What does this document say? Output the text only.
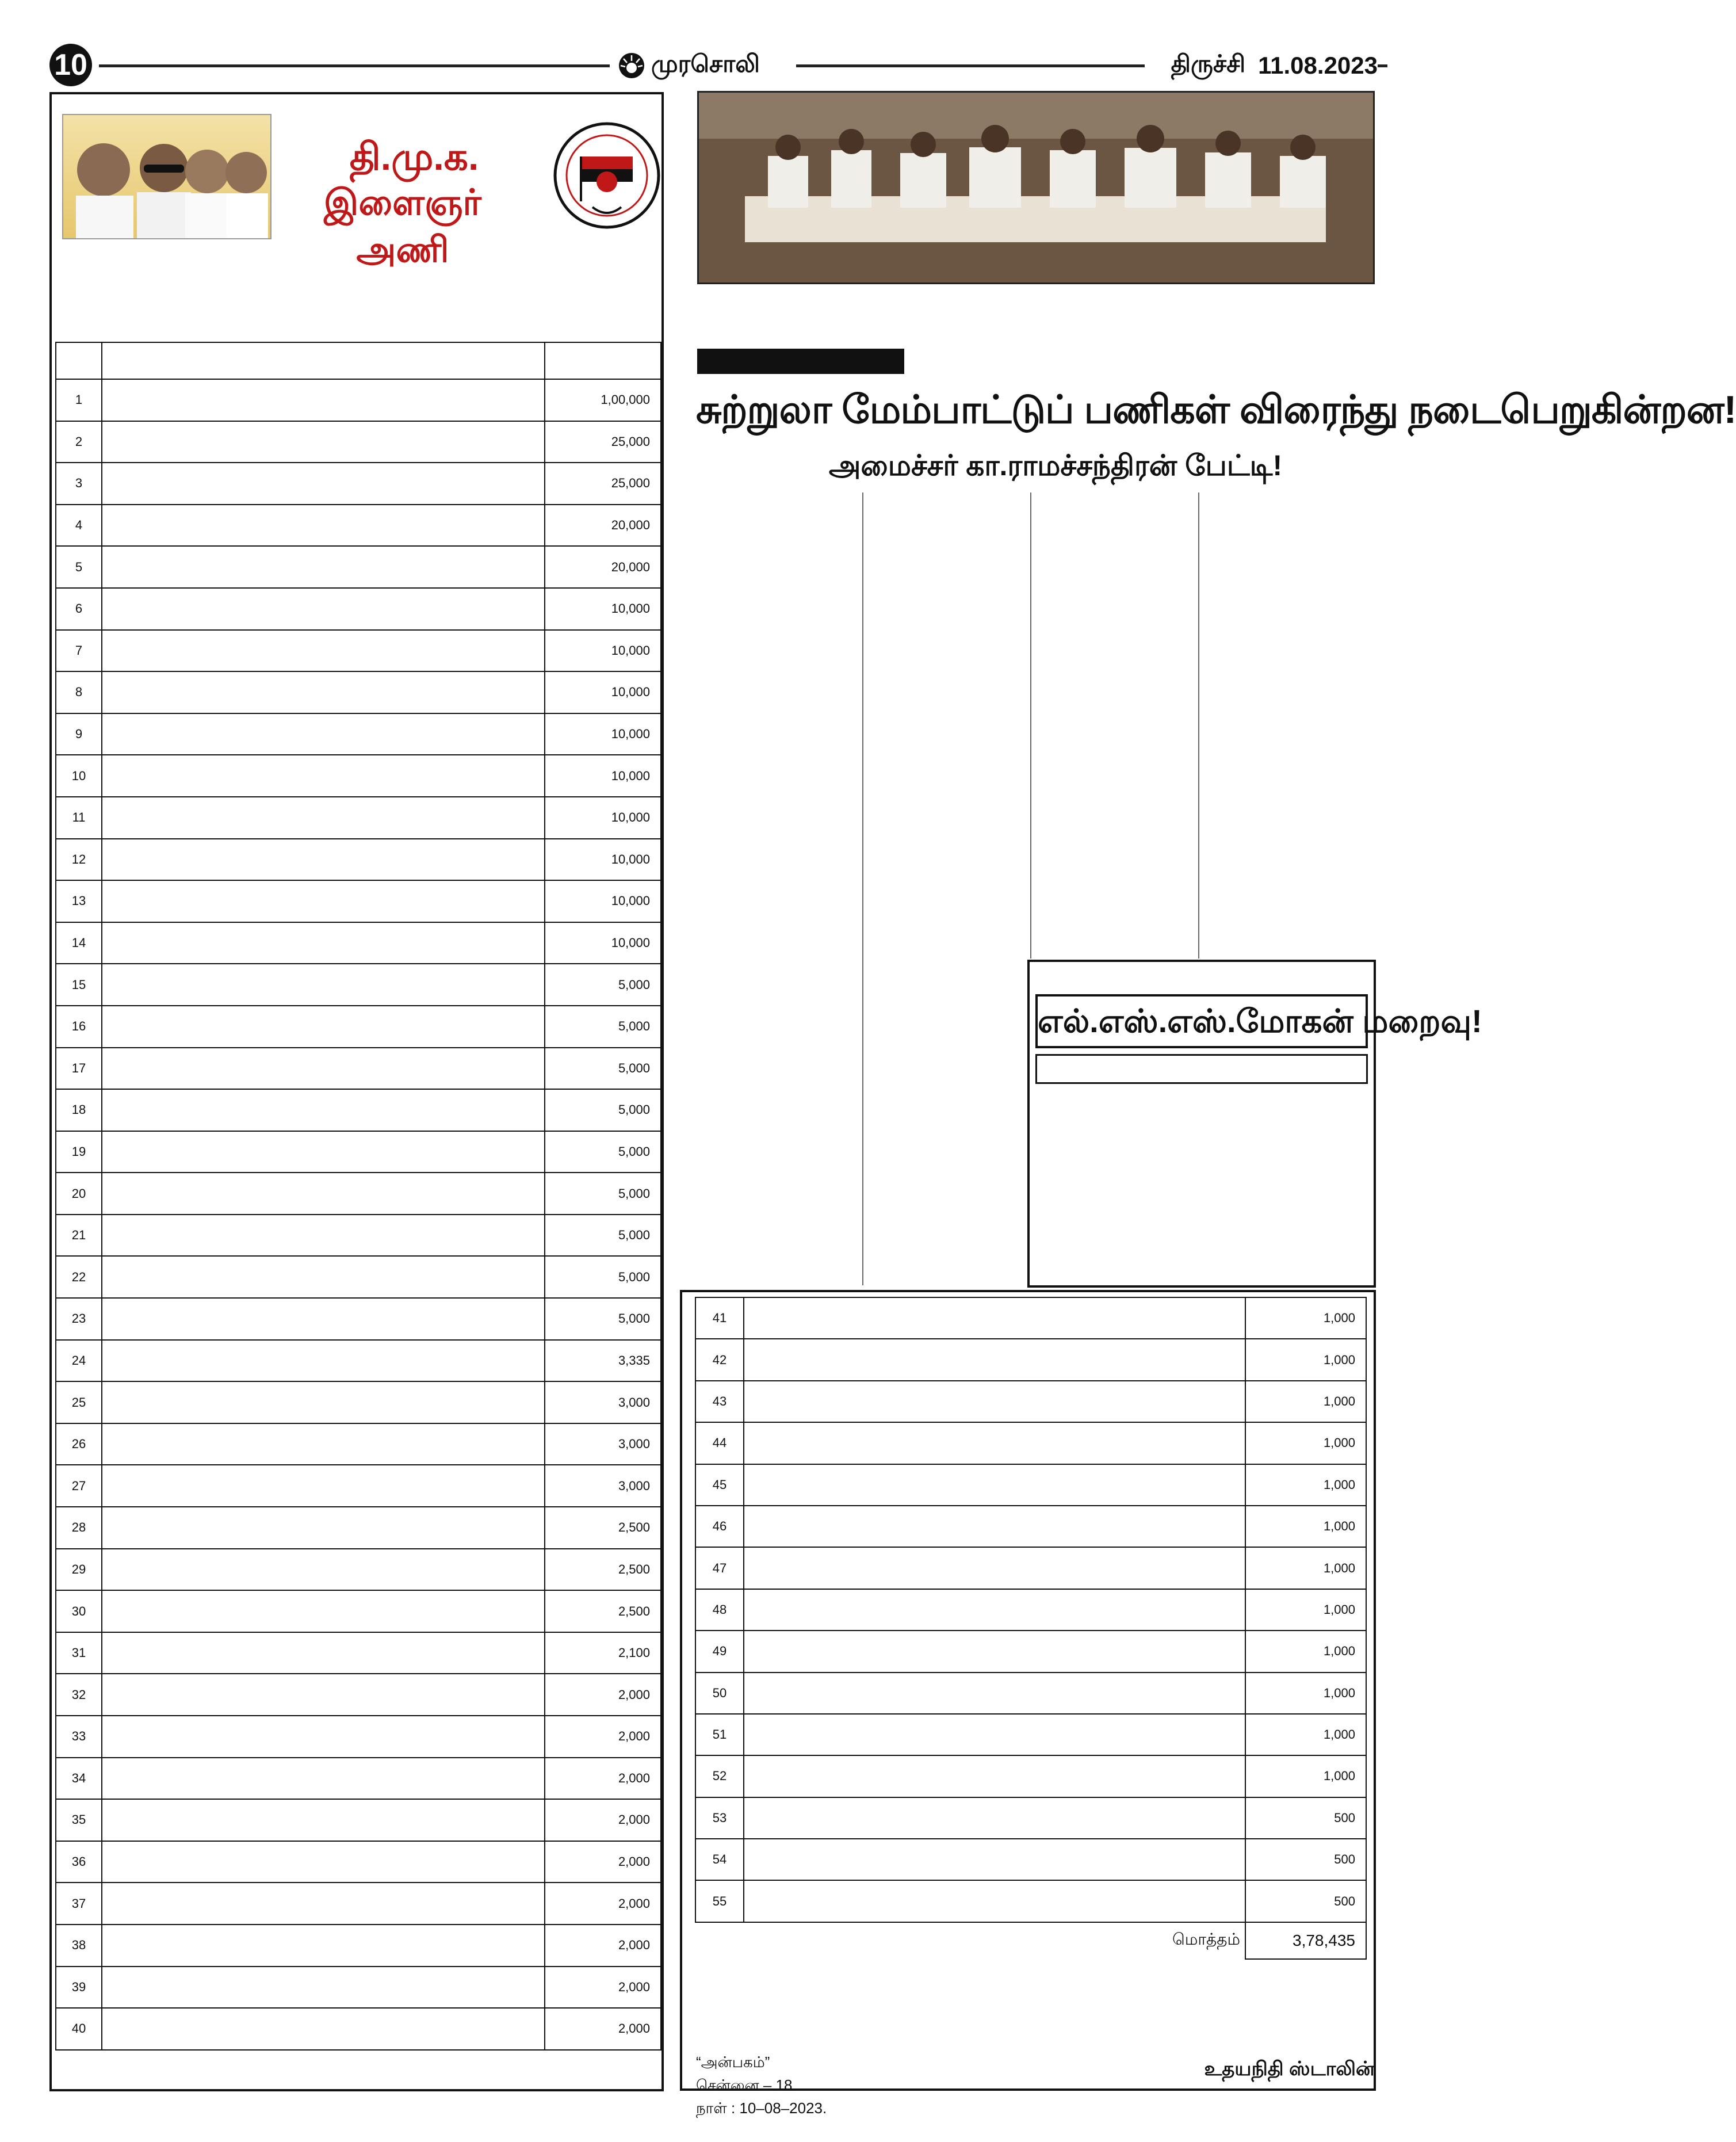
10	முரசொலி	திருச்சி 11.08.2023
தி.மு.க.
இளைஞர் அணி

1		1,00,000
2		25,000
3		25,000
4		20,000
5		20,000
6		10,000
7		10,000
8		10,000
9		10,000
10		10,000
11		10,000
12		10,000
13		10,000
14		10,000
15		5,000
16		5,000
17		5,000
18		5,000
19		5,000
20		5,000
21		5,000
22		5,000
23		5,000
24		3,335
25		3,000
26		3,000
27		3,000
28		2,500
29		2,500
30		2,500
31		2,100
32		2,000
33		2,000
34		2,000
35		2,000
36		2,000
37		2,000
38		2,000
39		2,000
40		2,000
சுற்றுலா மேம்பாட்டுப் பணிகள் விரைந்து நடைபெறுகின்றன!
அமைச்சர் கா.ராமச்சந்திரன் பேட்டி!
எல்.எஸ்.எஸ்.மோகன் மறைவு!
41		1,000
42		1,000
43		1,000
44		1,000
45		1,000
46		1,000
47		1,000
48		1,000
49		1,000
50		1,000
51		1,000
52		1,000
53		500
54		500
55		500
மொத்தம்		3,78,435
“அன்பகம்”
சென்னை – 18.
நாள் : 10–08–2023.
உதயநிதி ஸ்டாலின்
